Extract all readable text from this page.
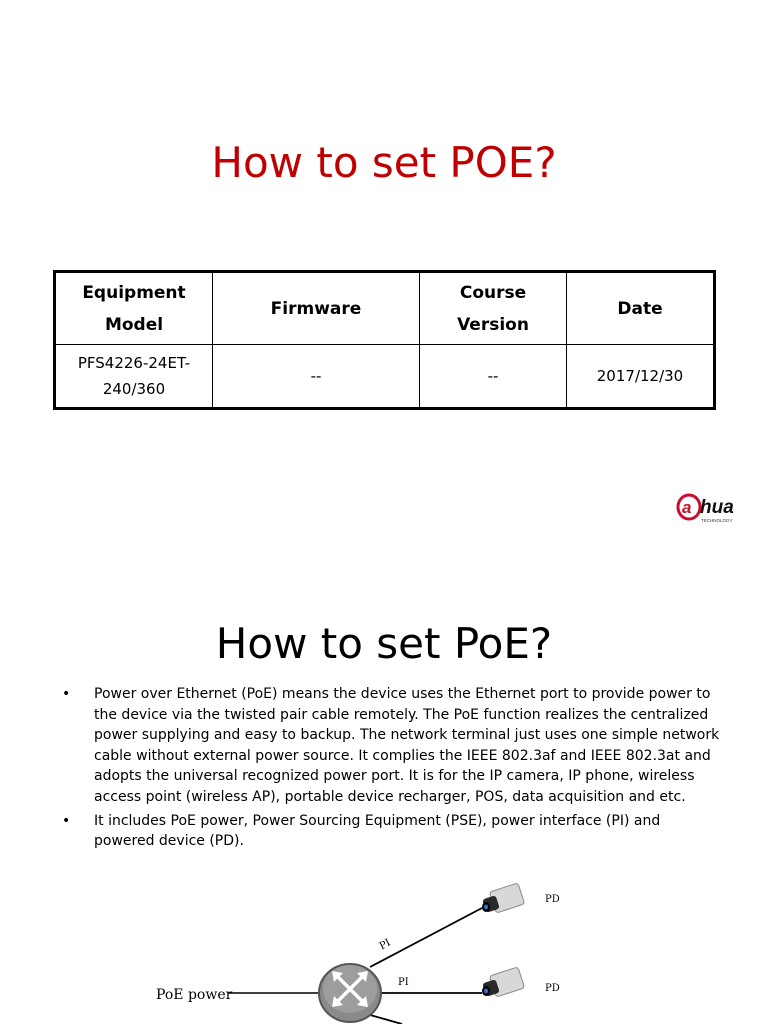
How to set POE?
Equipment Model	Firmware	Course Version	Date
PFS4226-24ET-240/360	--	--	2017/12/30
a hua
TECHNOLOGY
How to set PoE?
• Power over Ethernet (PoE) means the device uses the Ethernet port to provide power to the device via the twisted pair cable remotely. The PoE function realizes the centralized power supplying and easy to backup. The network terminal just uses one simple network cable without external power source. It complies the IEEE 802.3af and IEEE 802.3at and adopts the universal recognized power port. It is for the IP camera, IP phone, wireless access point (wireless AP), portable device recharger, POS, data acquisition and etc.
• It includes PoE power, Power Sourcing Equipment (PSE), power interface (PI) and powered device (PD).
PoE power
PI
PI
PD
PD
